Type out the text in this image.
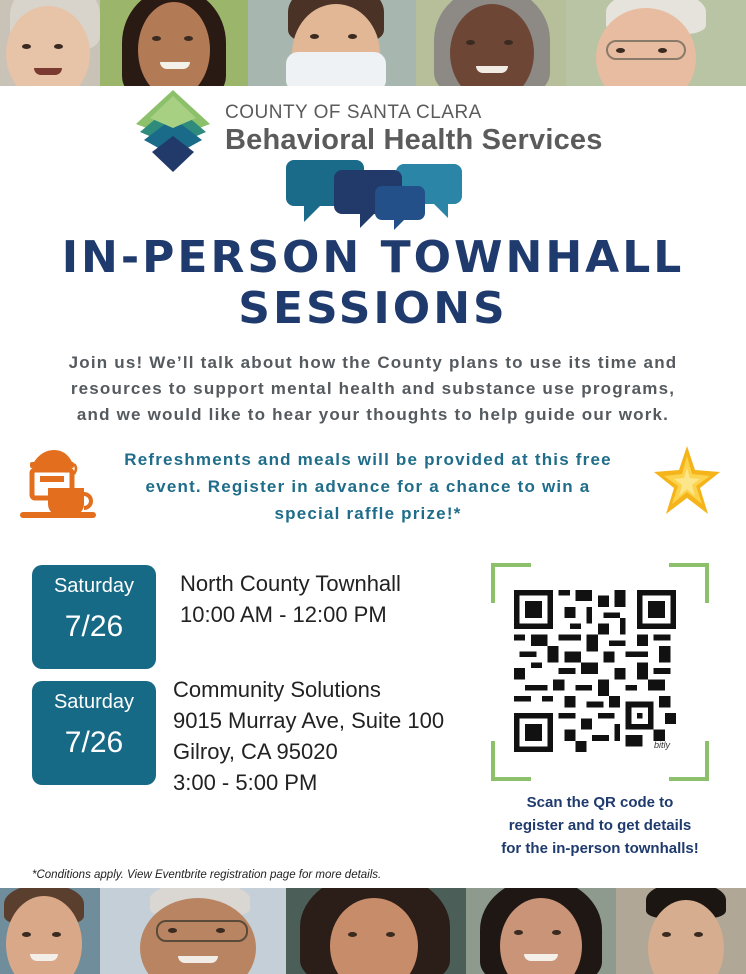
COUNTY OF SANTA CLARA
Behavioral Health Services
IN-PERSON TOWNHALL
SESSIONS
Join us! We’ll talk about how the County plans to use its time and
resources to support mental health and substance use programs,
and we would like to hear your thoughts to help guide our work.
Refreshments and meals will be provided at this free
event. Register in advance for a chance to win a
special raffle prize!*
Saturday
7/26
North County Townhall
10:00 AM - 12:00 PM
Saturday
7/26
Community Solutions
9015 Murray Ave, Suite 100
Gilroy, CA 95020
3:00 - 5:00 PM
bitly
Scan the QR code to
register and to get details
for the in-person townhalls!
*Conditions apply. View Eventbrite registration page for more details.
